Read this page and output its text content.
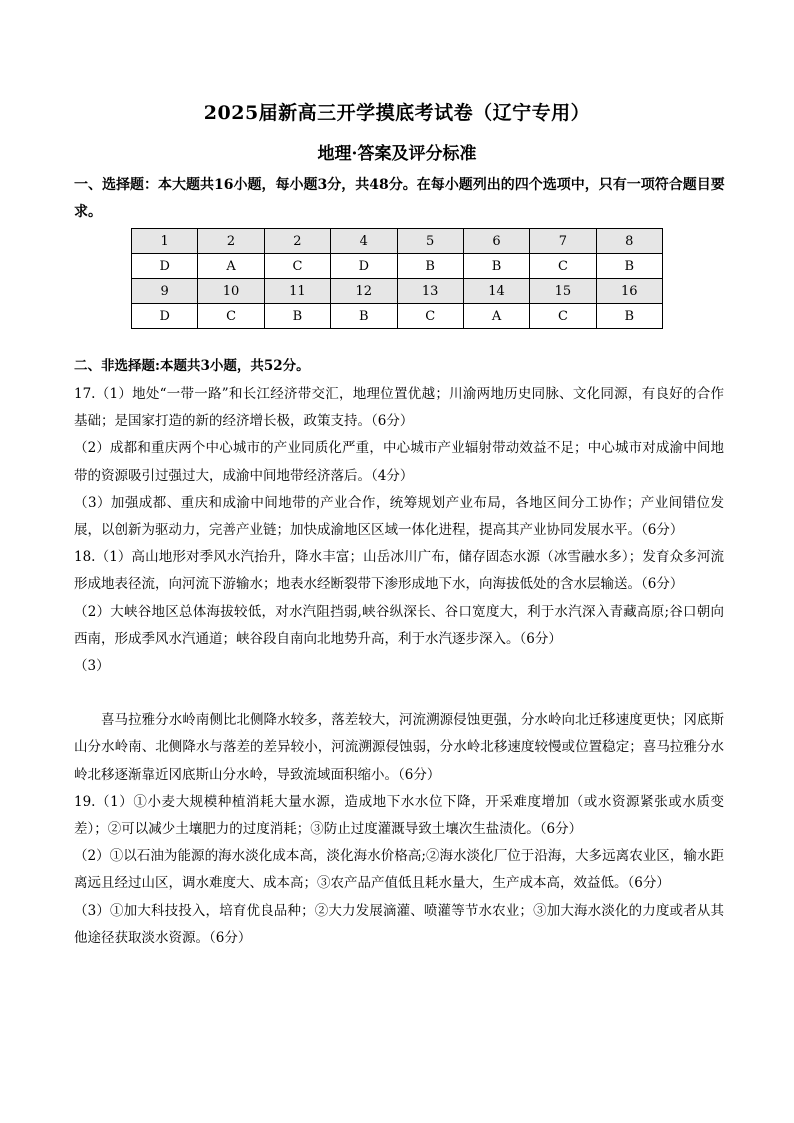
2025届新高三开学摸底考试卷（辽宁专用）
地理·答案及评分标准
一、选择题：本大题共16小题，每小题3分，共48分。在每小题列出的四个选项中，只有一项符合题目要求。
1	2	2	4	5	6	7	8
D	A	C	D	B	B	C	B
9	10	11	12	13	14	15	16
D	C	B	B	C	A	C	B
二、非选择题:本题共3小题，共52分。

17.（1）地处“一带一路”和长江经济带交汇，地理位置优越；川渝两地历史同脉、文化同源，有良好的合作基础；是国家打造的新的经济增长极，政策支持。（6分）

（2）成都和重庆两个中心城市的产业同质化严重，中心城市产业辐射带动效益不足；中心城市对成渝中间地带的资源吸引过强过大，成渝中间地带经济落后。（4分）

（3）加强成都、重庆和成渝中间地带的产业合作，统筹规划产业布局，各地区间分工协作；产业间错位发展，以创新为驱动力，完善产业链；加快成渝地区区域一体化进程，提高其产业协同发展水平。（6分）

18.（1）高山地形对季风水汽抬升，降水丰富；山岳冰川广布，储存固态水源（冰雪融水多）；发育众多河流形成地表径流，向河流下游输水；地表水经断裂带下渗形成地下水，向海拔低处的含水层输送。（6分）

（2）大峡谷地区总体海拔较低，对水汽阻挡弱,峡谷纵深长、谷口宽度大，利于水汽深入青藏高原;谷口朝向西南，形成季风水汽通道；峡谷段自南向北地势升高，利于水汽逐步深入。（6分）

（3）

喜马拉雅分水岭南侧比北侧降水较多，落差较大，河流溯源侵蚀更强，分水岭向北迁移速度更快；冈底斯山分水岭南、北侧降水与落差的差异较小，河流溯源侵蚀弱，分水岭北移速度较慢或位置稳定；喜马拉雅分水岭北移逐渐靠近冈底斯山分水岭，导致流域面积缩小。（6分）

19.（1）①小麦大规模种植消耗大量水源，造成地下水水位下降，开采难度增加（或水资源紧张或水质变差）；②可以减少土壤肥力的过度消耗；③防止过度灌溉导致土壤次生盐渍化。（6分）

（2）①以石油为能源的海水淡化成本高，淡化海水价格高;②海水淡化厂位于沿海，大多远离农业区，输水距离远且经过山区，调水难度大、成本高；③农产品产值低且耗水量大，生产成本高，效益低。（6分）

（3）①加大科技投入，培育优良品种；②大力发展滴灌、喷灌等节水农业；③加大海水淡化的力度或者从其他途径获取淡水资源。（6分）
